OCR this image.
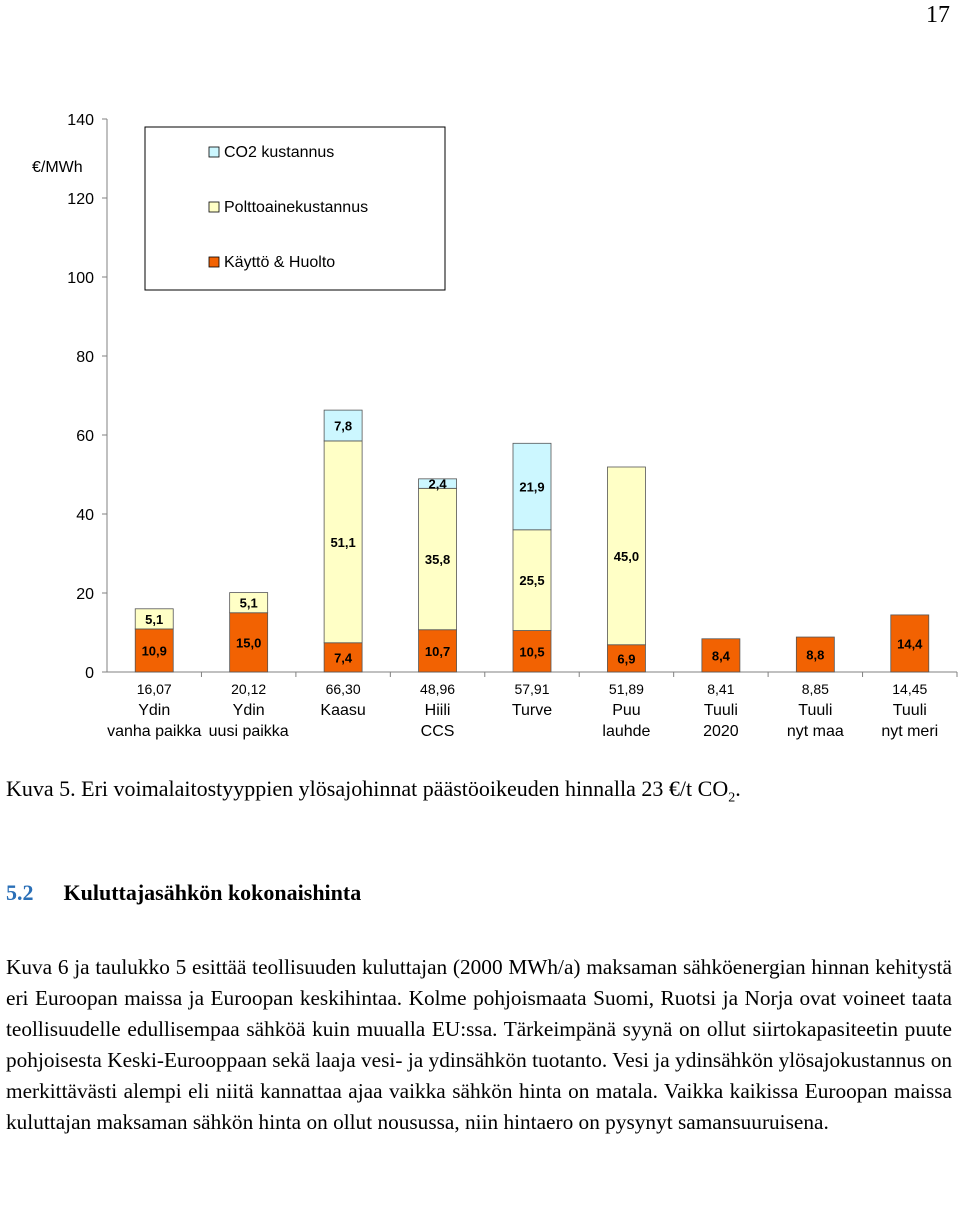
17
0
20
40
60
80
100
120
140
€/MWh
10,9
5,1
15,0
5,1
7,4
51,1
7,8
10,7
35,8
2,4
10,5
25,5
21,9
6,9
45,0
8,4	8,8
14,4
16,07
Ydin
vanha paikka
20,12
Ydin
uusi paikka
66,30
Kaasu
48,96
Hiili
CCS
57,91
Turve
51,89
Puu
lauhde
8,41
Tuuli
2020
8,85
Tuuli
nyt maa
14,45
Tuuli
nyt meri
CO2 kustannus
Polttoainekustannus
Käyttö & Huolto
Kuva 5. Eri voimalaitostyyppien ylösajohinnat päästöoikeuden hinnalla 23 €/t $CO_2$.
5.2 Kuluttajasähkön kokonaishinta

Kuva 6 ja taulukko 5 esittää teollisuuden kuluttajan (2000 MWh/a) maksaman sähköenergian hinnan kehitystä eri Euroopan maissa ja Euroopan keskihintaa. Kolme pohjoismaata Suomi, Ruotsi ja Norja ovat voineet taata teollisuudelle edullisempaa sähköä kuin muualla EU:ssa. Tärkeimpänä syynä on ollut siirtokapasiteetin puute pohjoisesta Keski-Eurooppaan sekä laaja vesi- ja ydinsähkön tuotanto. Vesi ja ydinsähkön ylösajokustannus on merkittävästi alempi eli niitä kannattaa ajaa vaikka sähkön hinta on matala. Vaikka kaikissa Euroopan maissa kuluttajan maksaman sähkön hinta on ollut nousussa, niin hintaero on pysynyt samansuuruisena.
